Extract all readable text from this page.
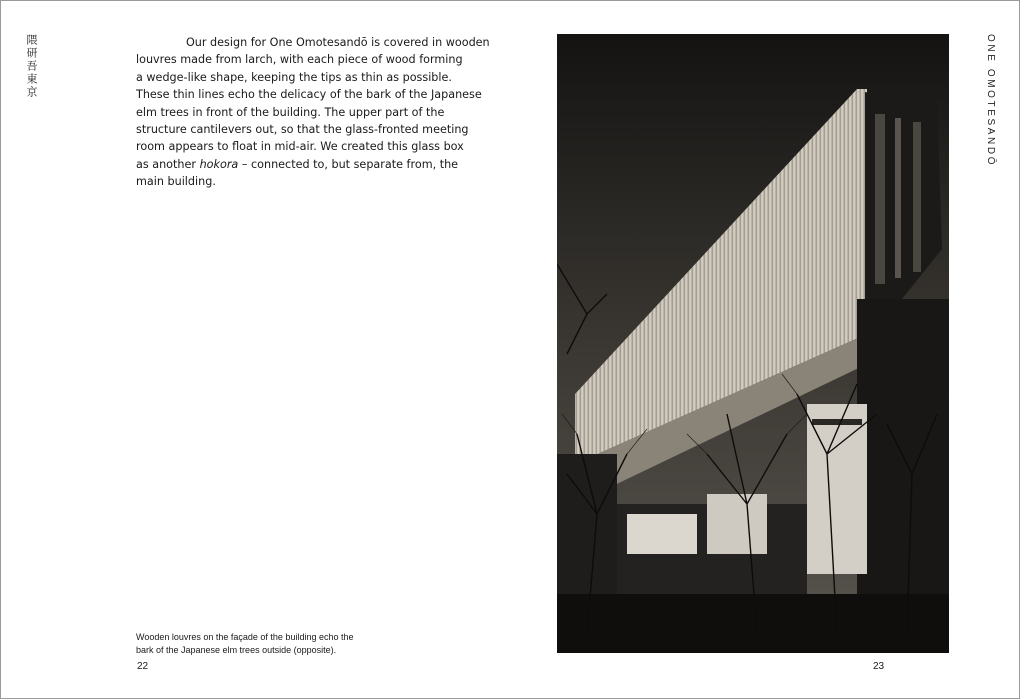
隈研吾東京	Our design for One Omotesandō is covered in wooden
louvres made from larch, with each piece of wood forming
a wedge-like shape, keeping the tips as thin as possible.
These thin lines echo the delicacy of the bark of the Japanese
elm trees in front of the building. The upper part of the
structure cantilevers out, so that the glass-fronted meeting
room appears to float in mid-air. We created this glass box
as another hokora – connected to, but separate from, the
main building.

Wooden louvres on the façade of the building echo the
bark of the Japanese elm trees outside (opposite).
22
ONE OMOTESANDŌ
23
